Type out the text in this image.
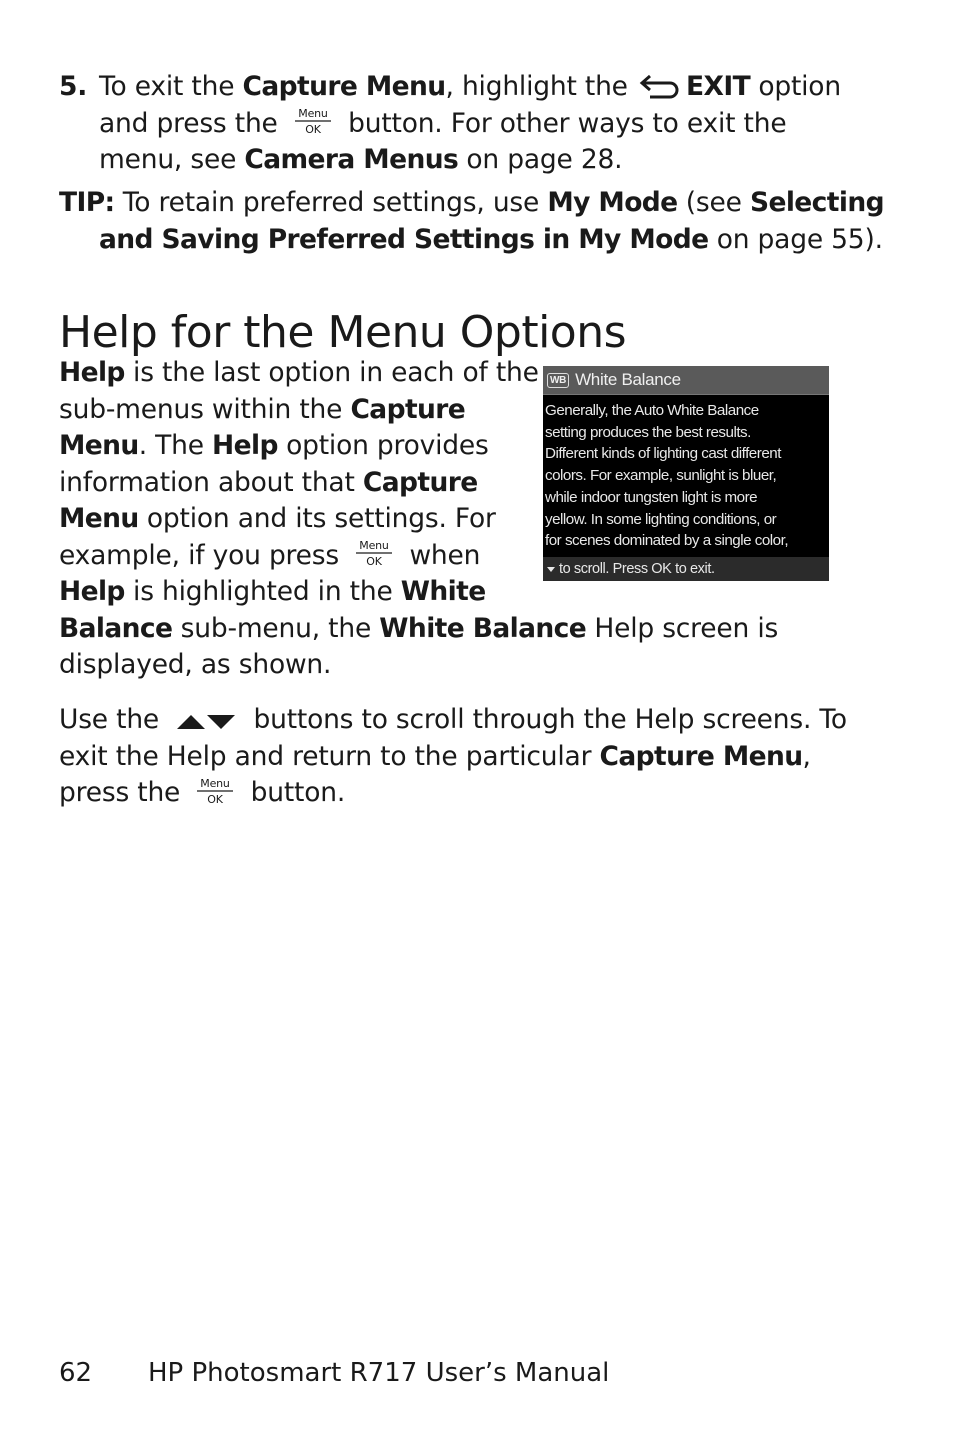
5. To exit the Capture Menu, highlight the EXIT option
and press the Menu
OK button. For other ways to exit the
menu, see Camera Menus on page 28.
TIP: To retain preferred settings, use My Mode (see Selecting
and Saving Preferred Settings in My Mode on page 55).
Help for the Menu Options
Help is the last option in each of the
sub-menus within the Capture
Menu. The Help option provides
information about that Capture
Menu option and its settings. For
example, if you press Menu
OK when
Help is highlighted in the White
Balance sub-menu, the White Balance Help screen is
displayed, as shown.
WB White Balance
Generally, the Auto White Balance
setting produces the best results.
Different kinds of lighting cast different
colors. For example, sunlight is bluer,
while indoor tungsten light is more
yellow. In some lighting conditions, or
for scenes dominated by a single color,
to scroll. Press OK to exit.
Use the	buttons to scroll through the Help screens. To
exit the Help and return to the particular Capture Menu,
press the Menu
OK button.
62 HP Photosmart R717 User’s Manual
